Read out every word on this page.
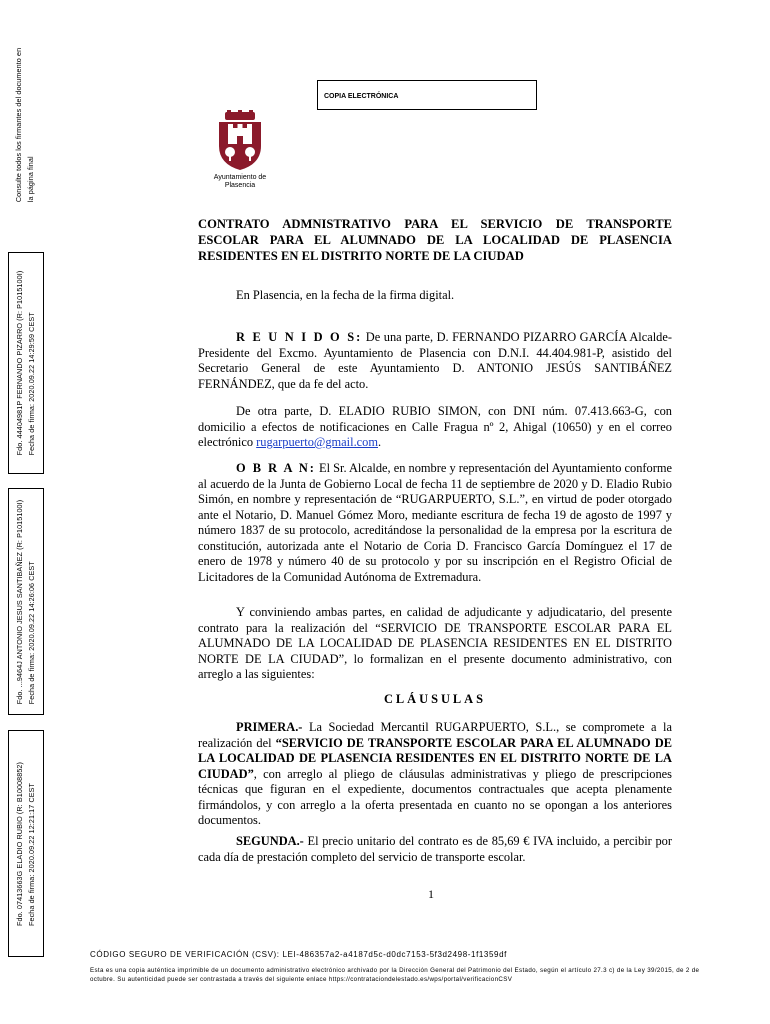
Consulte todos los firmantes del documento en la página final
Fdo. 44404981P FERNANDO PIZARRO (R: P1015100I) Fecha de firma: 2020.09.22 14:29:59 CEST
Fdo. ...9464J ANTONIO JESUS SANTIBAÑEZ (R: P1015100I) Fecha de firma: 2020.09.22 14:26:06 CEST
Fdo. 07413663G ELADIO RUBIO (R: B10008852) Fecha de firma: 2020.09.22 12:21:17 CEST
COPIA ELECTRÓNICA
Ayuntamiento de
Plasencia
CONTRATO ADMNISTRATIVO PARA EL SERVICIO DE TRANSPORTE ESCOLAR PARA EL ALUMNADO DE LA LOCALIDAD DE PLASENCIA RESIDENTES EN EL DISTRITO NORTE DE LA CIUDAD
En Plasencia, en la fecha de la firma digital.
R E U N I D O S: De una parte, D. FERNANDO PIZARRO GARCÍA Alcalde-Presidente del Excmo. Ayuntamiento de Plasencia con D.N.I. 44.404.981-P, asistido del Secretario General de este Ayuntamiento D. ANTONIO JESÚS SANTIBÁÑEZ FERNÁNDEZ, que da fe del acto.
De otra parte, D. ELADIO RUBIO SIMON, con DNI núm. 07.413.663-G, con domicilio a efectos de notificaciones en Calle Fragua nº 2, Ahigal (10650) y en el correo electrónico rugarpuerto@gmail.com.
O B R A N: El Sr. Alcalde, en nombre y representación del Ayuntamiento conforme al acuerdo de la Junta de Gobierno Local de fecha 11 de septiembre de 2020 y D. Eladio Rubio Simón, en nombre y representación de “RUGARPUERTO, S.L.”, en virtud de poder otorgado ante el Notario, D. Manuel Gómez Moro, mediante escritura de fecha 19 de agosto de 1997 y número 1837 de su protocolo, acreditándose la personalidad de la empresa por la escritura de constitución, autorizada ante el Notario de Coria D. Francisco García Domínguez el 17 de enero de 1978 y número 40 de su protocolo y por su inscripción en el Registro Oficial de Licitadores de la Comunidad Autónoma de Extremadura.
Y conviniendo ambas partes, en calidad de adjudicante y adjudicatario, del presente contrato para la realización del “SERVICIO DE TRANSPORTE ESCOLAR PARA EL ALUMNADO DE LA LOCALIDAD DE PLASENCIA RESIDENTES EN EL DISTRITO NORTE DE LA CIUDAD”, lo formalizan en el presente documento administrativo, con arreglo a las siguientes:
CLÁUSULAS
PRIMERA.- La Sociedad Mercantil RUGARPUERTO, S.L., se compromete a la realización del “SERVICIO DE TRANSPORTE ESCOLAR PARA EL ALUMNADO DE LA LOCALIDAD DE PLASENCIA RESIDENTES EN EL DISTRITO NORTE DE LA CIUDAD”, con arreglo al pliego de cláusulas administrativas y pliego de prescripciones técnicas que figuran en el expediente, documentos contractuales que acepta plenamente firmándolos, y con arreglo a la oferta presentada en cuanto no se opongan a los anteriores documentos.
SEGUNDA.- El precio unitario del contrato es de 85,69 € IVA incluido, a percibir por cada día de prestación completo del servicio de transporte escolar.
1
CÓDIGO SEGURO DE VERIFICACIÓN (CSV): LEI-486357a2-a4187d5c-d0dc7153-5f3d2498-1f1359df
Esta es una copia auténtica imprimible de un documento administrativo electrónico archivado por la Dirección General del Patrimonio del Estado, según el artículo 27.3 c) de la Ley 39/2015, de 2 de octubre. Su autenticidad puede ser contrastada a través del siguiente enlace https://contrataciondelestado.es/wps/portal/verificacionCSV
